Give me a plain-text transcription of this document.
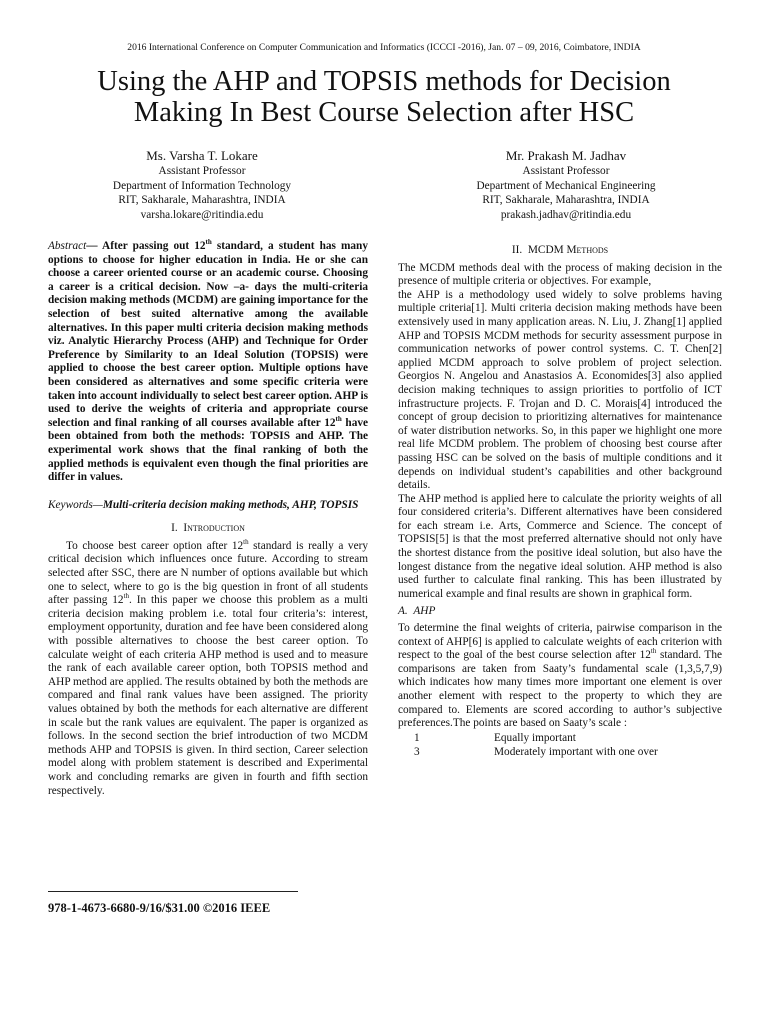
2016 International Conference on Computer Communication and Informatics (ICCCI -2016), Jan. 07 – 09, 2016, Coimbatore, INDIA
Using the AHP and TOPSIS methods for Decision
Making In Best Course Selection after HSC
Ms. Varsha T. Lokare
Assistant Professor
Department of Information Technology
RIT, Sakharale, Maharashtra, INDIA
varsha.lokare@ritindia.edu
Mr. Prakash M. Jadhav
Assistant Professor
Department of Mechanical Engineering
RIT, Sakharale, Maharashtra, INDIA
prakash.jadhav@ritindia.edu

Abstract— After passing out 12th standard, a student has many options to choose for higher education in India. He or she can choose a career oriented course or an academic course. Choosing a career is a critical decision. Now –a- days the multi-criteria decision making methods (MCDM) are gaining importance for the selection of best suited alternative among the available alternatives. In this paper multi criteria decision making methods viz. Analytic Hierarchy Process (AHP) and Technique for Order Preference by Similarity to an Ideal Solution (TOPSIS) were applied to choose the best career option. Multiple options have been considered as alternatives and some specific criteria were taken into account individually to select best career option. AHP is used to derive the weights of criteria and appropriate course selection and final ranking of all courses available after 12th have been obtained from both the methods: TOPSIS and AHP. The experimental work shows that the final ranking of both the applied methods is equivalent even though the final priorities are differ in values.

Keywords—Multi-criteria decision making methods, AHP, TOPSIS

I. Introduction

To choose best career option after 12th standard is really a very critical decision which influences once future. According to stream selected after SSC, there are N number of options available but which one to select, where to go is the big question in front of all students after passing 12th. In this paper we choose this problem as a multi criteria decision making problem i.e. total four criteria’s: interest, employment opportunity, duration and fee have been considered along with possible alternatives to choose the best career option. To calculate weight of each criteria AHP method is used and to measure the rank of each available career option, both TOPSIS method and AHP method are applied. The results obtained by both the methods are compared and final rank values have been assigned. The priority values obtained by both the methods for each alternative are different in scale but the rank values are equivalent. The paper is organized as follows. In the second section the brief introduction of two MCDM methods AHP and TOPSIS is given. In third section, Career selection model along with problem statement is described and Experimental work and concluding remarks are given in fourth and fifth section respectively.

II. MCDM Methods

The MCDM methods deal with the process of making decision in the presence of multiple criteria or objectives. For example,

the AHP is a methodology used widely to solve problems having multiple criteria[1]. Multi criteria decision making methods have been extensively used in many application areas. N. Liu, J. Zhang[1] applied AHP and TOPSIS MCDM methods for security assessment purpose in communication networks of power control systems. C. T. Chen[2] applied MCDM approach to solve problem of project selection. Georgios N. Angelou and Anastasios A. Economides[3] also applied decision making techniques to assign priorities to portfolio of ICT infrastructure projects. F. Trojan and D. C. Morais[4] introduced the concept of group decision to prioritizing alternatives for maintenance of water distribution networks. So, in this paper we highlight one more real life MCDM problem. The problem of choosing best course after passing HSC can be solved on the basis of multiple conditions and it depends on individual student’s capabilities and other background details.

The AHP method is applied here to calculate the priority weights of all four considered criteria’s. Different alternatives have been considered for each stream i.e. Arts, Commerce and Science. The concept of TOPSIS[5] is that the most preferred alternative should not only have the shortest distance from the positive ideal solution, but also have the longest distance from the negative ideal solution. AHP method is also used further to calculate final ranking. This has been illustrated by numerical example and final results are shown in graphical form.

A. AHP

To determine the final weights of criteria, pairwise comparison in the context of AHP[6] is applied to calculate weights of each criterion with respect to the goal of the best course selection after 12th standard. The comparisons are taken from Saaty’s fundamental scale (1,3,5,7,9) which indicates how many times more important one element is over another element with respect to the property to which they are compared to. Elements are scored according to author’s subjective preferences.The points are based on Saaty’s scale :

1	Equally important
3	Moderately important with one over
978-1-4673-6680-9/16/$31.00 ©2016 IEEE
